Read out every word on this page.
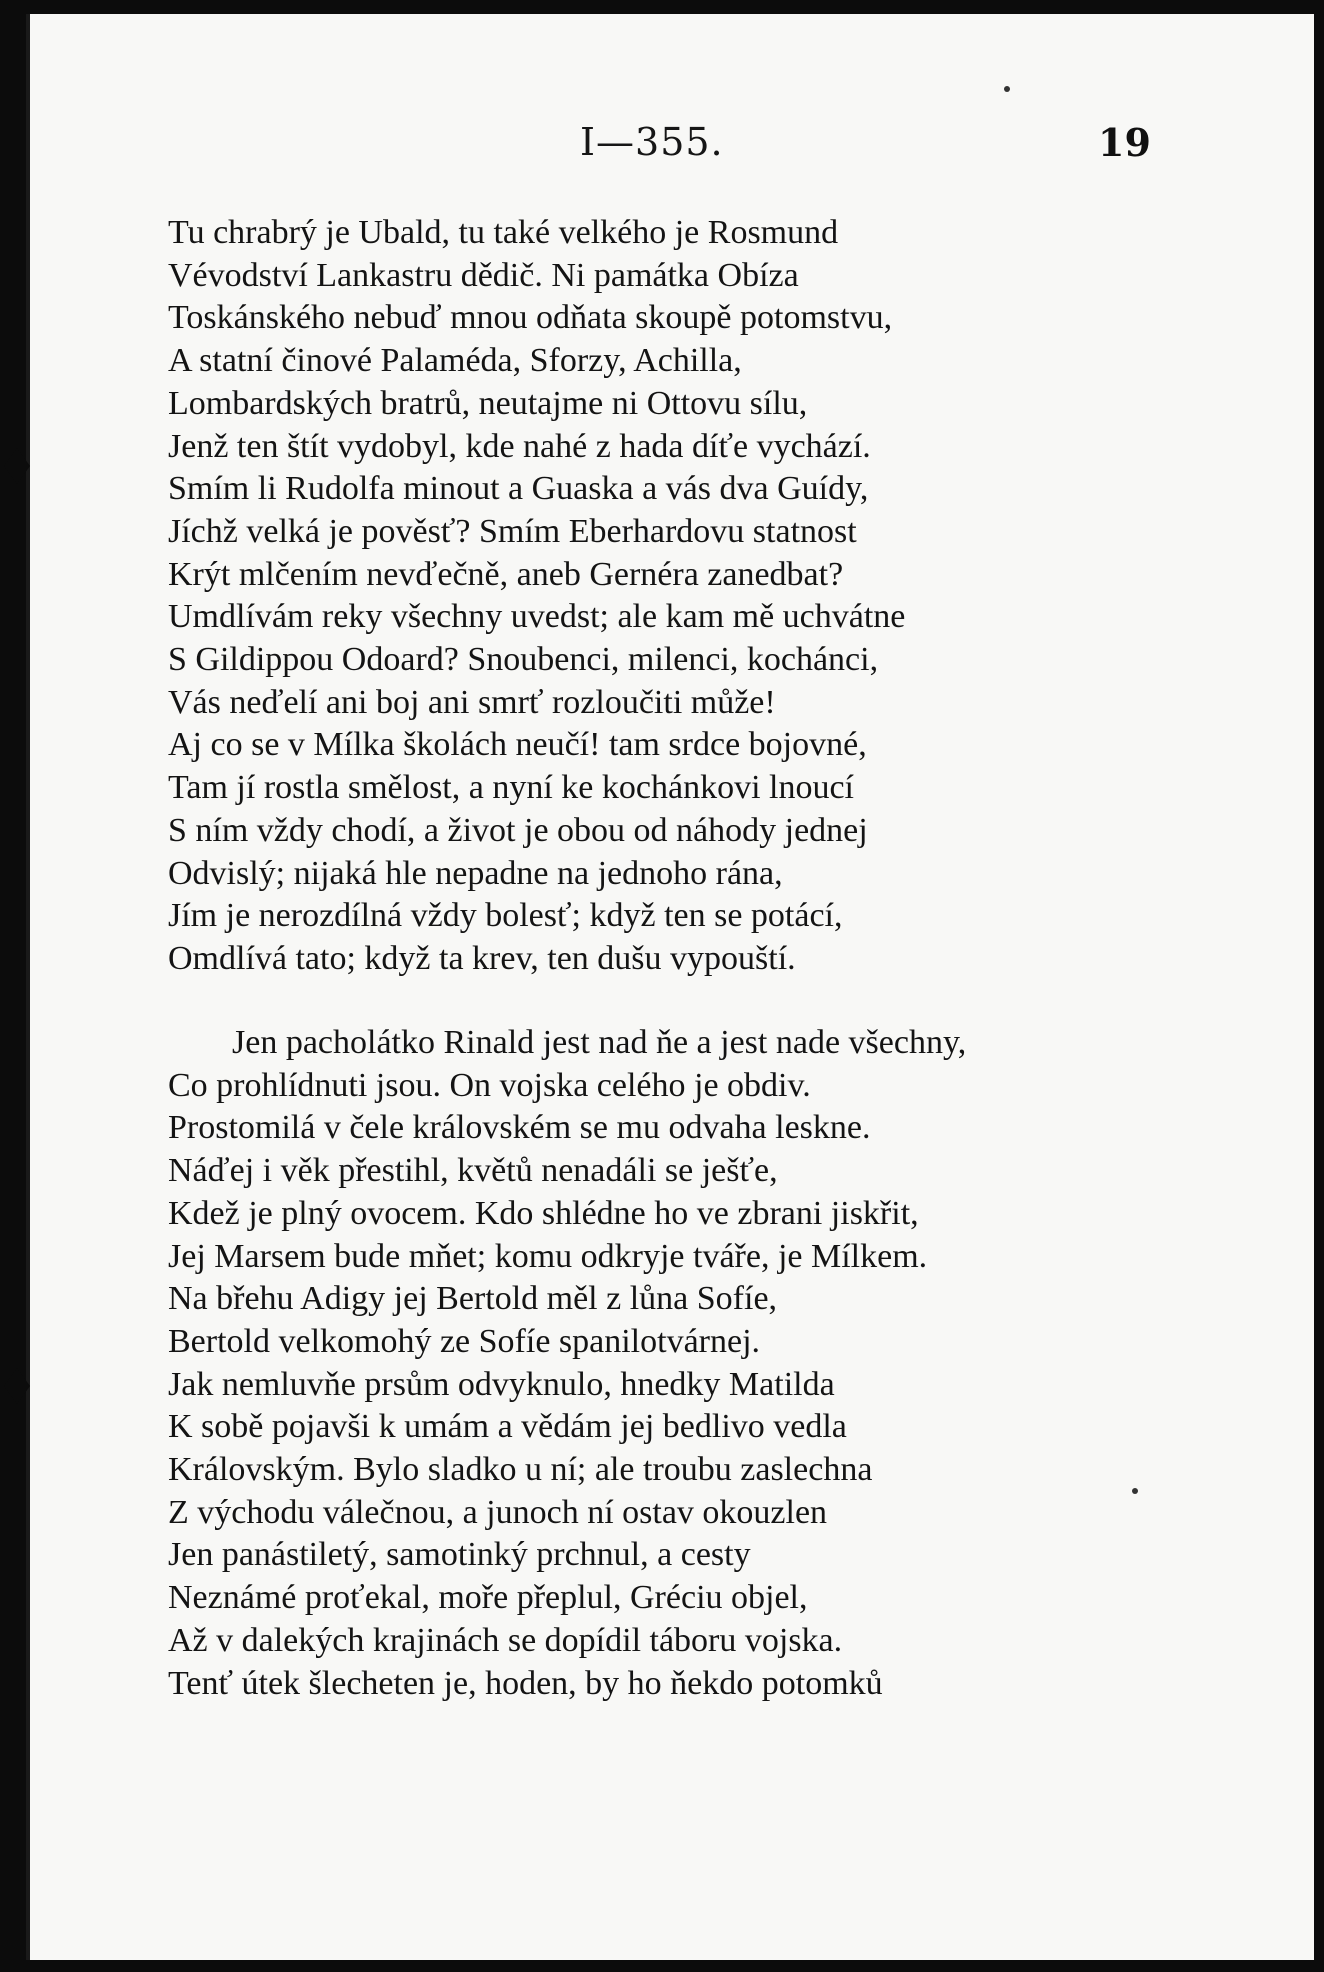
I—355.	19
Tu chrabrý je Ubald, tu také velkého je Rosmund
Vévodství Lankastru dědič. Ni památka Obíza
Toskánského nebuď mnou odňata skoupě potomstvu,
A statní činové Palaméda, Sforzy, Achilla,
Lombardských bratrů, neutajme ni Ottovu sílu,
Jenž ten štít vydobyl, kde nahé z hada díťe vychází.
Smím li Rudolfa minout a Guaska a vás dva Guídy,
Jíchž velká je pověsť? Smím Eberhardovu statnost
Krýt mlčením nevďečně, aneb Gernéra zanedbat?
Umdlívám reky všechny uvedst; ale kam mě uchvátne
S Gildippou Odoard? Snoubenci, milenci, kochánci,
Vás neďelí ani boj ani smrť rozloučiti může!
Aj co se v Mílka školách neučí! tam srdce bojovné,
Tam jí rostla smělost, a nyní ke kochánkovi lnoucí
S ním vždy chodí, a život je obou od náhody jednej
Odvislý; nijaká hle nepadne na jednoho rána,
Jím je nerozdílná vždy bolesť; když ten se potácí,
Omdlívá tato; když ta krev, ten dušu vypouští.
Jen pacholátko Rinald jest nad ňe a jest nade všechny,
Co prohlídnuti jsou. On vojska celého je obdiv.
Prostomilá v čele královském se mu odvaha leskne.
Náďej i věk přestihl, květů nenadáli se ješťe,
Kdež je plný ovocem. Kdo shlédne ho ve zbrani jiskřit,
Jej Marsem bude mňet; komu odkryje tváře, je Mílkem.
Na břehu Adigy jej Bertold měl z lůna Sofíe,
Bertold velkomohý ze Sofíe spanilotvárnej.
Jak nemluvňe prsům odvyknulo, hnedky Matilda
K sobě pojavši k umám a vědám jej bedlivo vedla
Královským. Bylo sladko u ní; ale troubu zaslechna
Z východu válečnou, a junoch ní ostav okouzlen
Jen panástiletý, samotinký prchnul, a cesty
Neznámé proťekal, moře přeplul, Gréciu objel,
Až v dalekých krajinách se dopídil táboru vojska.
Tenť útek šlecheten je, hoden, by ho ňekdo potomků
